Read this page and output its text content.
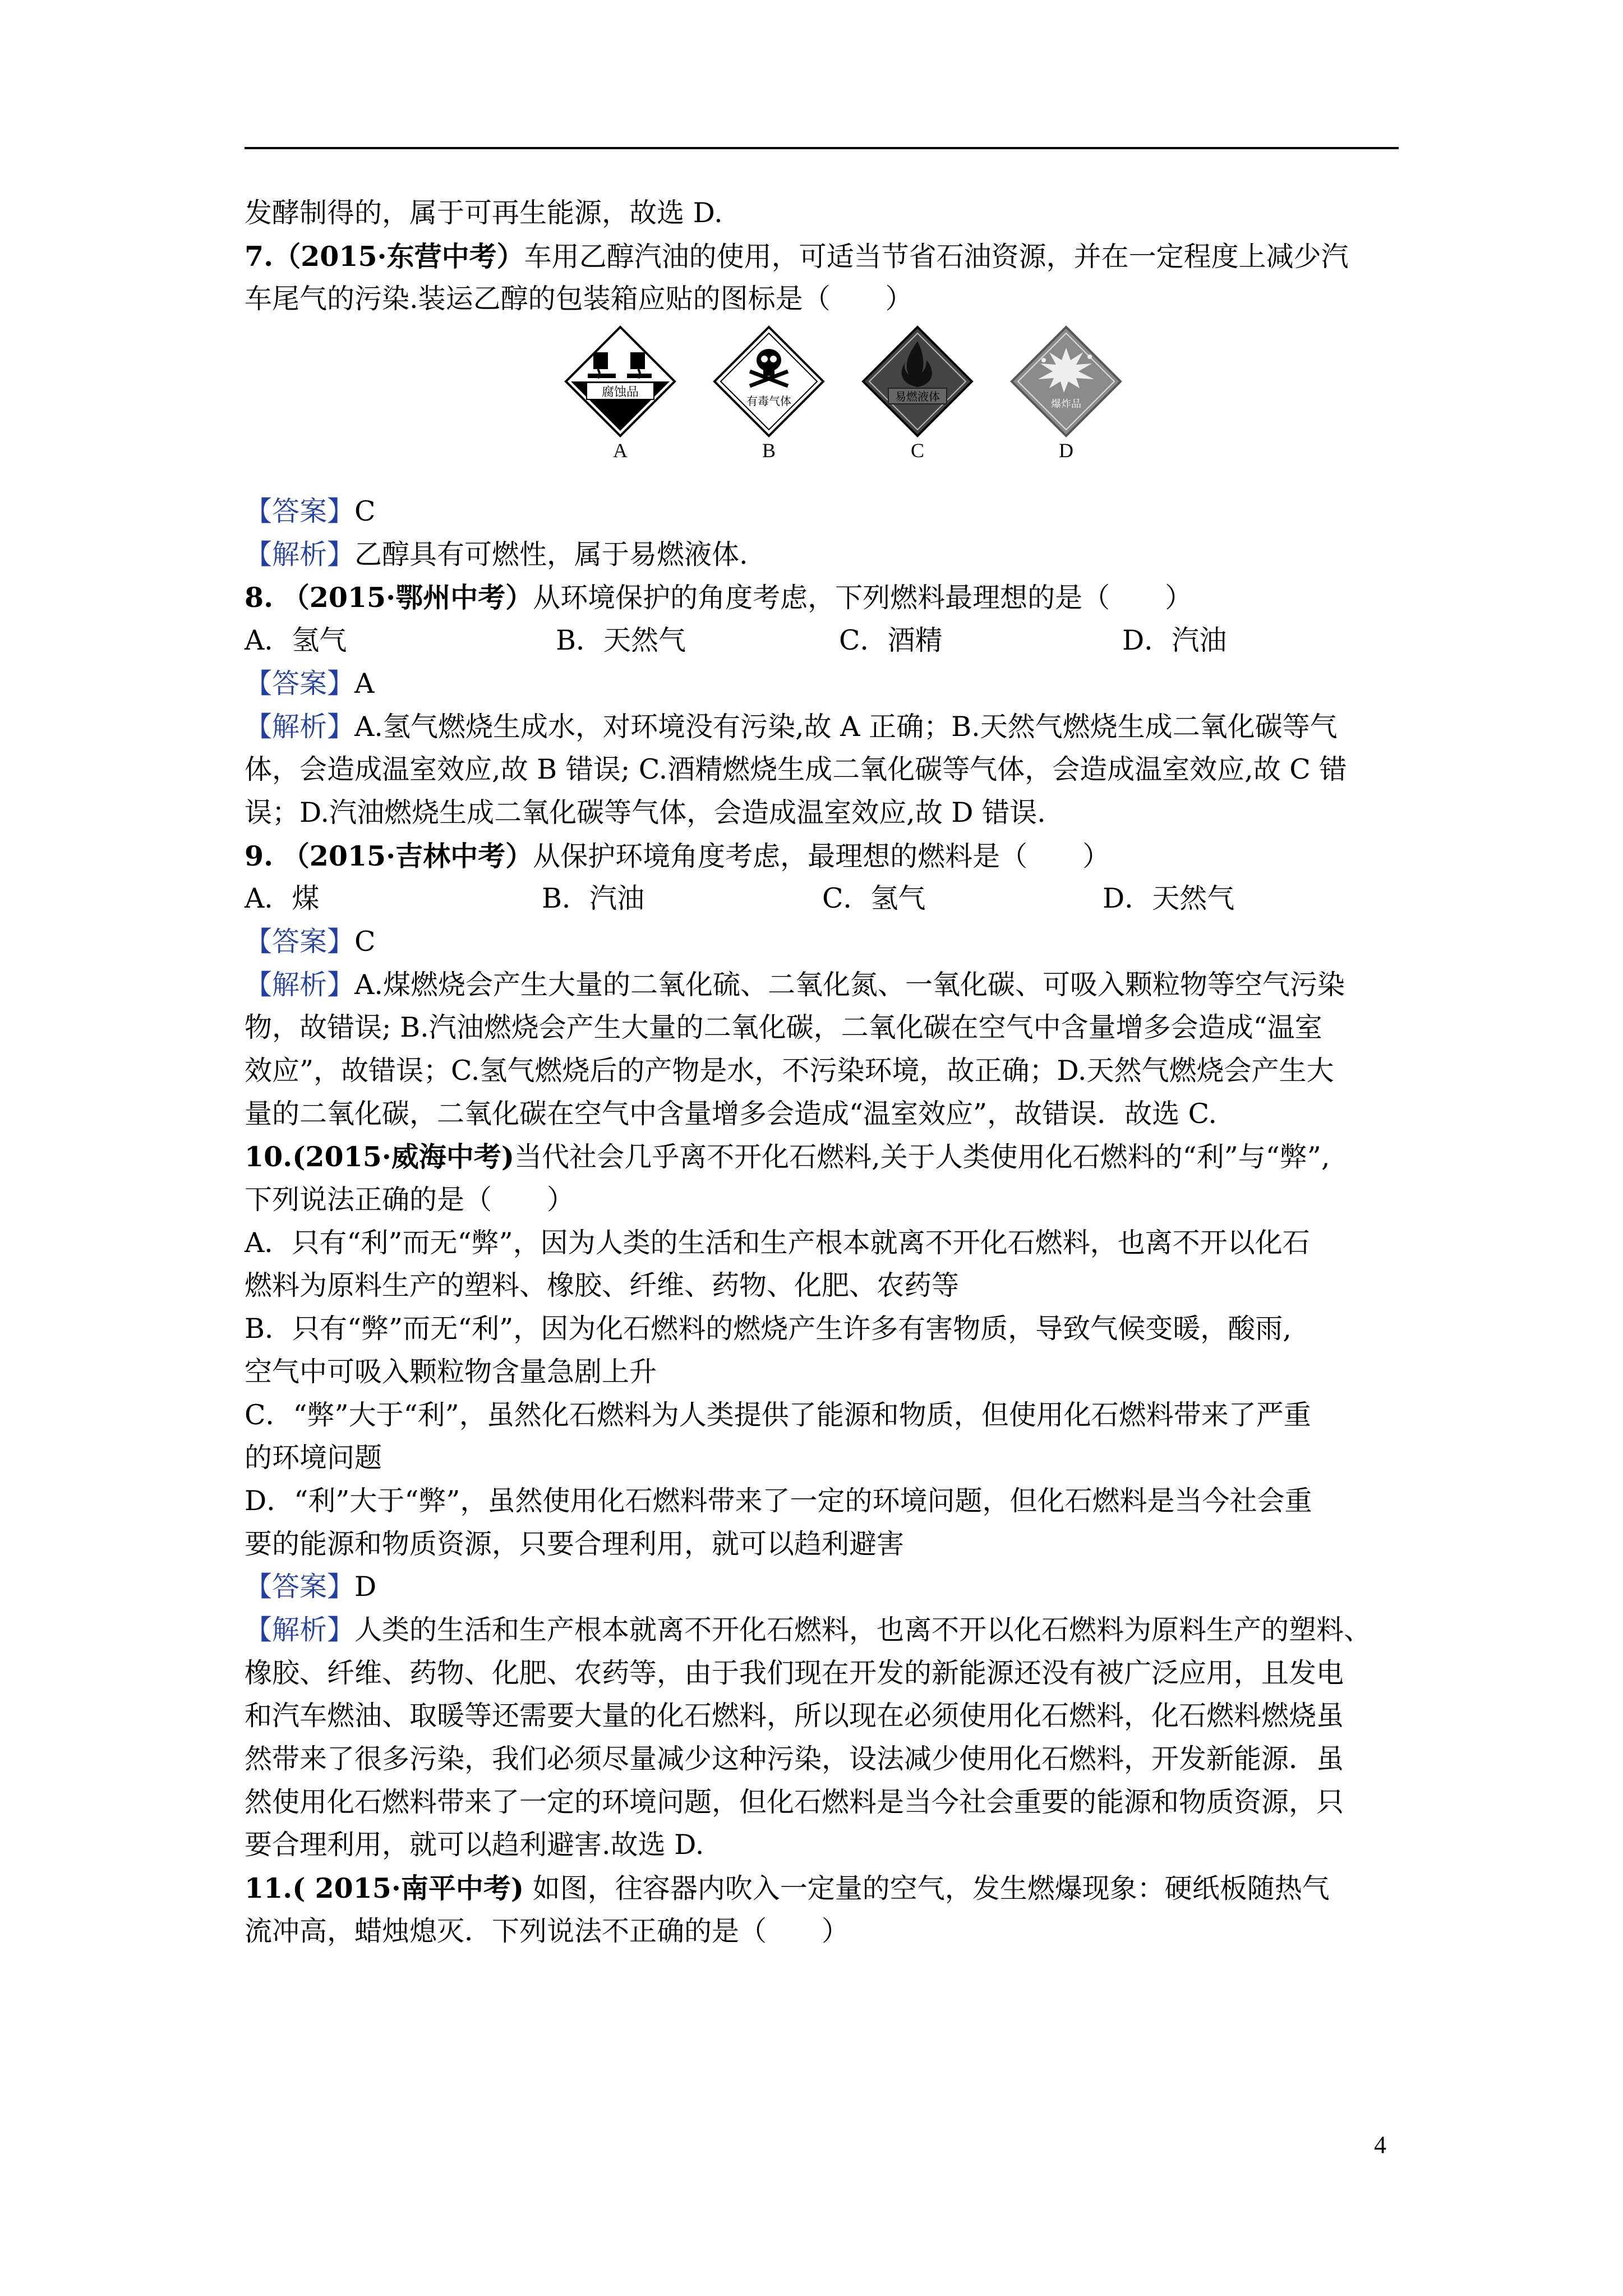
发酵制得的，属于可再生能源，故选 D.
7.（2015·东营中考）车用乙醇汽油的使用，可适当节省石油资源，并在一定程度上减少汽
车尾气的污染.装运乙醇的包装箱应贴的图标是（　　）
腐蚀品
A
有毒气体
B
易燃液体
C
爆炸品
D
【答案】C
【解析】乙醇具有可燃性，属于易燃液体.
8. （2015·鄂州中考）从环境保护的角度考虑，下列燃料最理想的是（　　）
A．氢气	B．天然气	C．酒精	D．汽油
【答案】A
【解析】A.氢气燃烧生成水，对环境没有污染,故 A 正确；B.天然气燃烧生成二氧化碳等气
体，会造成温室效应,故 B 错误; C.酒精燃烧生成二氧化碳等气体，会造成温室效应,故 C 错
误；D.汽油燃烧生成二氧化碳等气体，会造成温室效应,故 D 错误.
9. （2015·吉林中考）从保护环境角度考虑，最理想的燃料是（　　）
A．煤	B．汽油	C．氢气	D．天然气
【答案】C
【解析】A.煤燃烧会产生大量的二氧化硫、二氧化氮、一氧化碳、可吸入颗粒物等空气污染
物，故错误; B.汽油燃烧会产生大量的二氧化碳，二氧化碳在空气中含量增多会造成“温室
效应”，故错误；C.氢气燃烧后的产物是水，不污染环境，故正确；D.天然气燃烧会产生大
量的二氧化碳，二氧化碳在空气中含量增多会造成“温室效应”，故错误．故选 C.
10.(2015·威海中考)当代社会几乎离不开化石燃料,关于人类使用化石燃料的“利”与“弊”,
下列说法正确的是（　　）
A．只有“利”而无“弊”，因为人类的生活和生产根本就离不开化石燃料，也离不开以化石
燃料为原料生产的塑料、橡胶、纤维、药物、化肥、农药等
B．只有“弊”而无“利”，因为化石燃料的燃烧产生许多有害物质，导致气候变暖，酸雨,
空气中可吸入颗粒物含量急剧上升
C．“弊”大于“利”，虽然化石燃料为人类提供了能源和物质，但使用化石燃料带来了严重
的环境问题
D．“利”大于“弊”，虽然使用化石燃料带来了一定的环境问题，但化石燃料是当今社会重
要的能源和物质资源，只要合理利用，就可以趋利避害
【答案】D
【解析】人类的生活和生产根本就离不开化石燃料，也离不开以化石燃料为原料生产的塑料、
橡胶、纤维、药物、化肥、农药等，由于我们现在开发的新能源还没有被广泛应用，且发电
和汽车燃油、取暖等还需要大量的化石燃料，所以现在必须使用化石燃料，化石燃料燃烧虽
然带来了很多污染，我们必须尽量减少这种污染，设法减少使用化石燃料，开发新能源．虽
然使用化石燃料带来了一定的环境问题，但化石燃料是当今社会重要的能源和物质资源，只
要合理利用，就可以趋利避害.故选 D.
11.( 2015·南平中考) 如图，往容器内吹入一定量的空气，发生燃爆现象：硬纸板随热气
流冲高，蜡烛熄灭．下列说法不正确的是（　　）
4
